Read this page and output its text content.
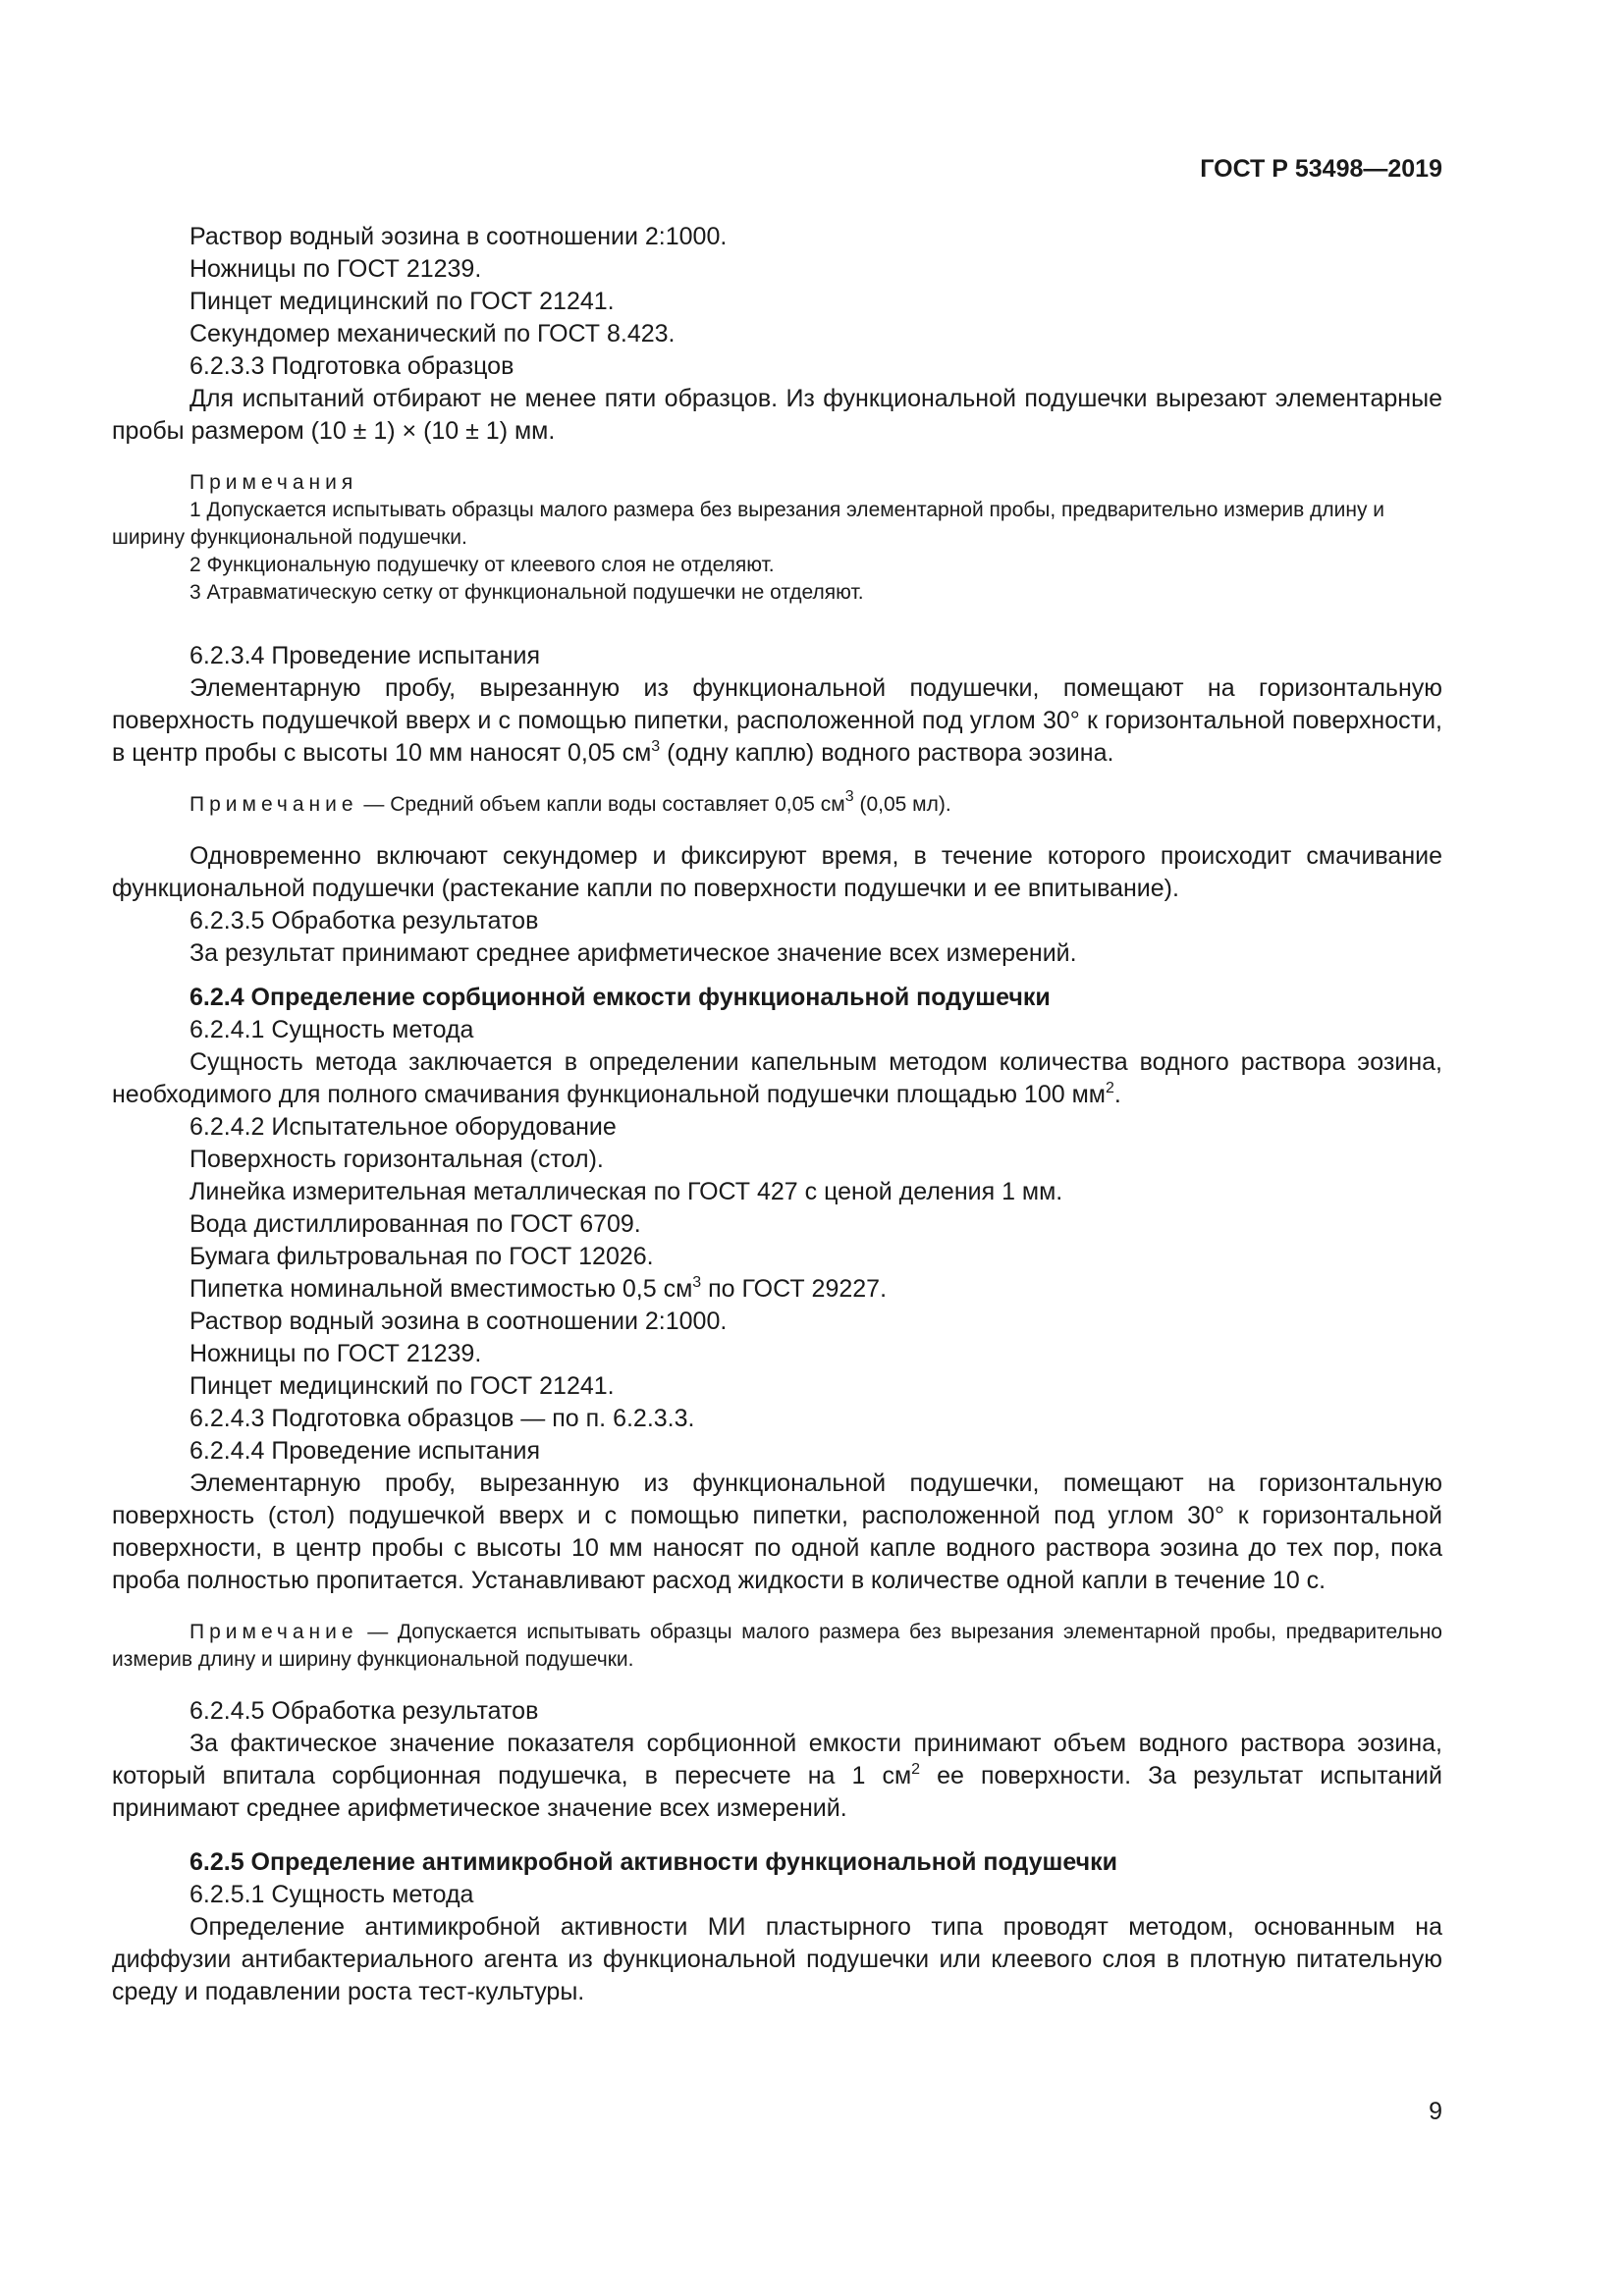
ГОСТ Р 53498—2019

Раствор водный эозина в соотношении 2:1000.

Ножницы по ГОСТ 21239.

Пинцет медицинский по ГОСТ 21241.

Секундомер механический по ГОСТ 8.423.

6.2.3.3 Подготовка образцов

Для испытаний отбирают не менее пяти образцов. Из функциональной подушечки вырезают элементарные пробы размером (10 ± 1) × (10 ± 1) мм.

Примечания

1 Допускается испытывать образцы малого размера без вырезания элементарной пробы, предварительно измерив длину и ширину функциональной подушечки.

2 Функциональную подушечку от клеевого слоя не отделяют.

3 Атравматическую сетку от функциональной подушечки не отделяют.

6.2.3.4 Проведение испытания

Элементарную пробу, вырезанную из функциональной подушечки, помещают на горизонтальную поверхность подушечкой вверх и с помощью пипетки, расположенной под углом 30° к горизонтальной поверхности, в центр пробы с высоты 10 мм наносят 0,05 $см^3$ (одну каплю) водного раствора эозина.

Примечание — Средний объем капли воды составляет 0,05 $см^3$ (0,05 мл).

Одновременно включают секундомер и фиксируют время, в течение которого происходит смачивание функциональной подушечки (растекание капли по поверхности подушечки и ее впитывание).

6.2.3.5 Обработка результатов

За результат принимают среднее арифметическое значение всех измерений.

6.2.4 Определение сорбционной емкости функциональной подушечки

6.2.4.1 Сущность метода

Сущность метода заключается в определении капельным методом количества водного раствора эозина, необходимого для полного смачивания функциональной подушечки площадью 100 $мм^2$.

6.2.4.2 Испытательное оборудование

Поверхность горизонтальная (стол).

Линейка измерительная металлическая по ГОСТ 427 с ценой деления 1 мм.

Вода дистиллированная по ГОСТ 6709.

Бумага фильтровальная по ГОСТ 12026.

Пипетка номинальной вместимостью 0,5 $см^3$ по ГОСТ 29227.

Раствор водный эозина в соотношении 2:1000.

Ножницы по ГОСТ 21239.

Пинцет медицинский по ГОСТ 21241.

6.2.4.3 Подготовка образцов — по п. 6.2.3.3.

6.2.4.4 Проведение испытания

Элементарную пробу, вырезанную из функциональной подушечки, помещают на горизонтальную поверхность (стол) подушечкой вверх и с помощью пипетки, расположенной под углом 30° к горизонтальной поверхности, в центр пробы с высоты 10 мм наносят по одной капле водного раствора эозина до тех пор, пока проба полностью пропитается. Устанавливают расход жидкости в количестве одной капли в течение 10 с.

Примечание — Допускается испытывать образцы малого размера без вырезания элементарной пробы, предварительно измерив длину и ширину функциональной подушечки.

6.2.4.5 Обработка результатов

За фактическое значение показателя сорбционной емкости принимают объем водного раствора эозина, который впитала сорбционная подушечка, в пересчете на 1 $см^2$ ее поверхности. За результат испытаний принимают среднее арифметическое значение всех измерений.

6.2.5 Определение антимикробной активности функциональной подушечки

6.2.5.1 Сущность метода

Определение антимикробной активности МИ пластырного типа проводят методом, основанным на диффузии антибактериального агента из функциональной подушечки или клеевого слоя в плотную питательную среду и подавлении роста тест-культуры.

9
